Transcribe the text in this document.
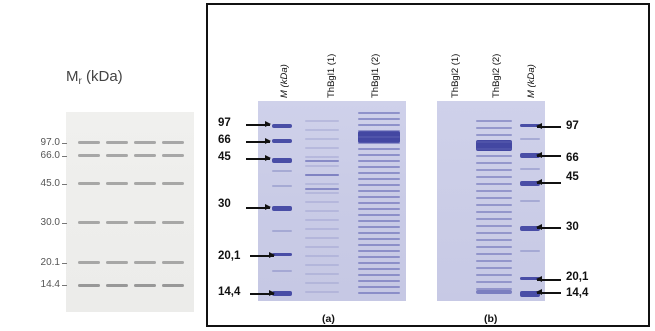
$M_r$ (kDa)
97.0
66.0
45.0
30.0
20.1
14.4
M (kDa)	ThBgl1 (1)	ThBgl1 (2)	ThBgl2 (1)	ThBgl2 (2)	M (kDa)
97
66
45
30
20,1
14,4
97
66
45
30
20,1
14,4
(a)	(b)
